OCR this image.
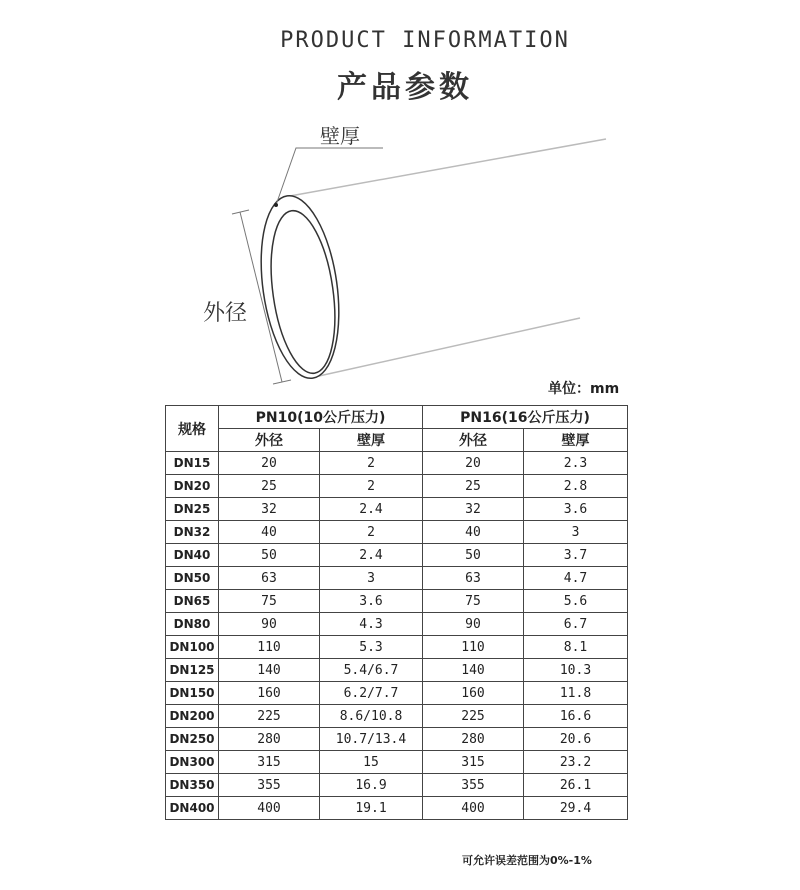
PRODUCT INFORMATION
产品参数
壁厚
外径
单位：mm
规格	PN10(10公斤压力)		PN16(16公斤压力)	
	外径	壁厚	外径	壁厚
DN15	20	2	20	2.3
DN20	25	2	25	2.8
DN25	32	2.4	32	3.6
DN32	40	2	40	3
DN40	50	2.4	50	3.7
DN50	63	3	63	4.7
DN65	75	3.6	75	5.6
DN80	90	4.3	90	6.7
DN100	110	5.3	110	8.1
DN125	140	5.4/6.7	140	10.3
DN150	160	6.2/7.7	160	11.8
DN200	225	8.6/10.8	225	16.6
DN250	280	10.7/13.4	280	20.6
DN300	315	15	315	23.2
DN350	355	16.9	355	26.1
DN400	400	19.1	400	29.4
可允许误差范围为0%-1%
